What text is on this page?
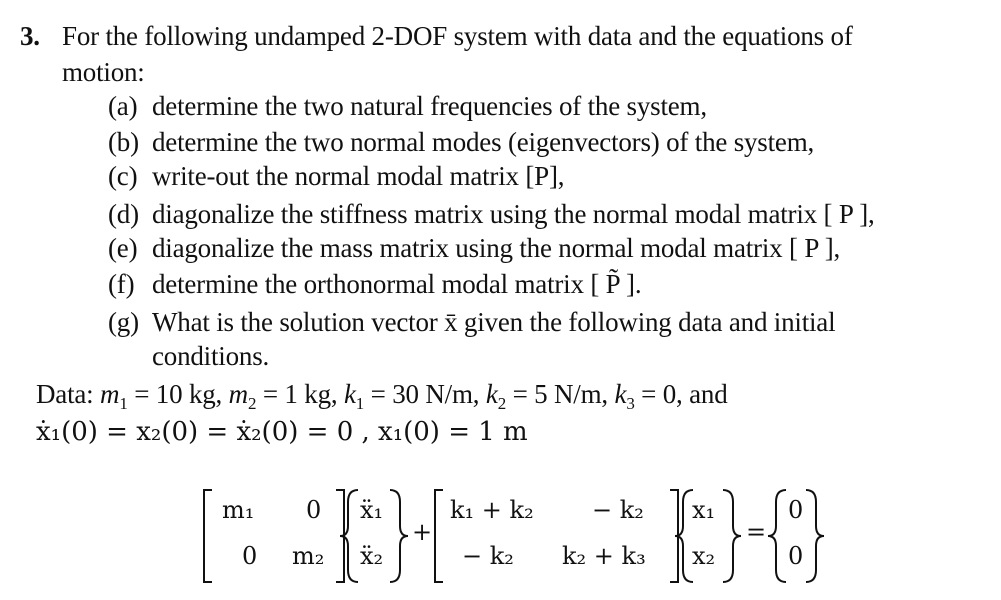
3. For the following undamped 2-DOF system with data and the equations of
motion:
(a) determine the two natural frequencies of the system,
(b) determine the two normal modes (eigenvectors) of the system,
(c) write-out the normal modal matrix [P],
(d) diagonalize the stiffness matrix using the normal modal matrix [ P ],
(e) diagonalize the mass matrix using the normal modal matrix [ P ],
(f) determine the orthonormal modal matrix [ P̃ ].
(g) What is the solution vector x̄ given the following data and initial
conditions.
Data: $m_1 = 10$ kg, $m_2 = 1$ kg, $k_1 = 30$ N/m, $k_2 = 5$ N/m, $k_3 = 0$, and
ẋ₁(0) = x₂(0) = ẋ₂(0) = 0 , x₁(0) = 1 m
m₁ 0
0 m₂
ẍ₁
ẍ₂
+
k₁ + k₂ − k₂
− k₂ k₂ + k₃
x₁
x₂
=
0
0
